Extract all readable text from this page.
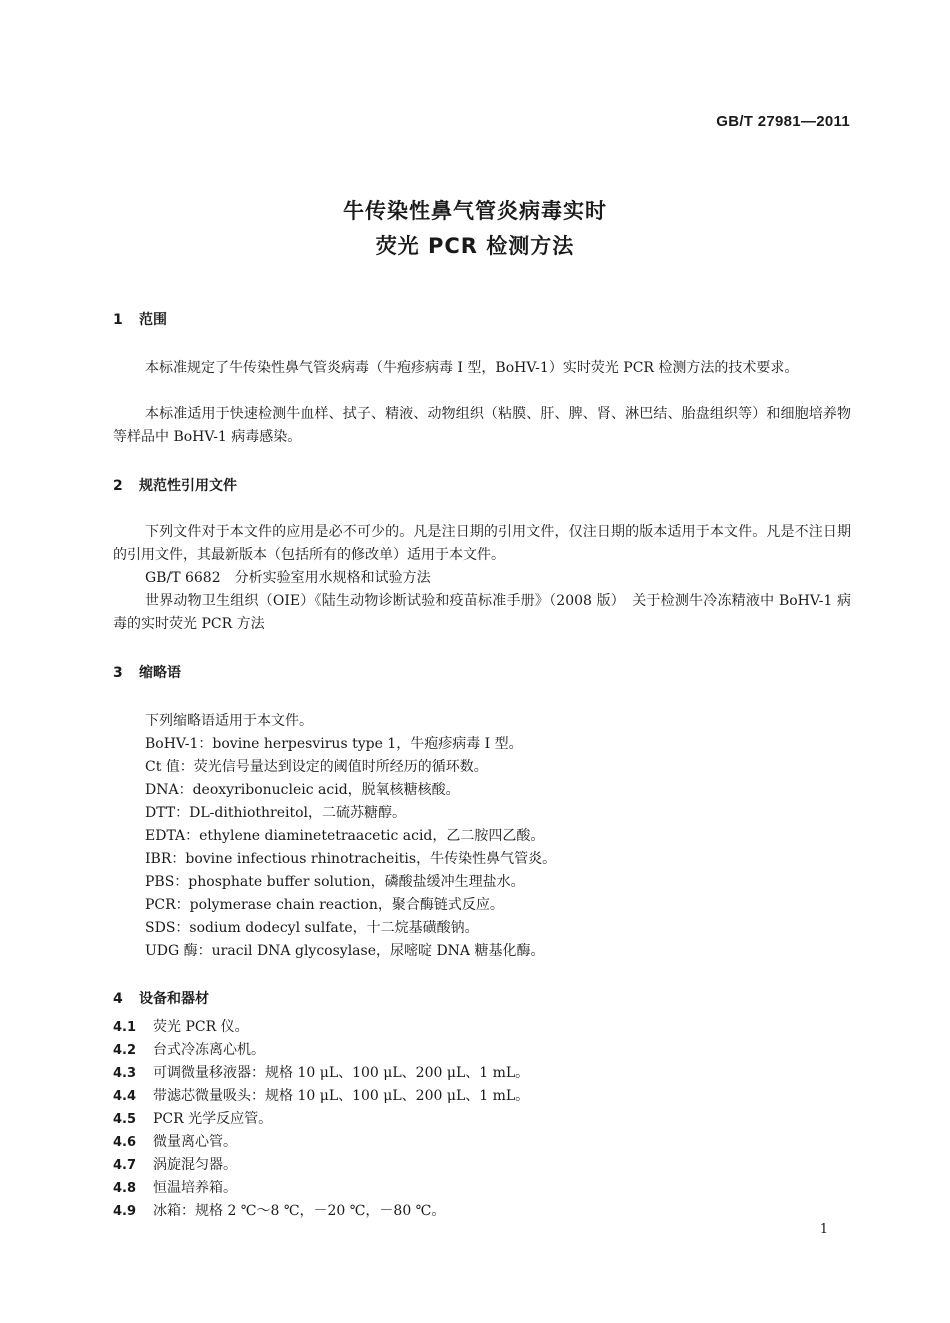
GB/T 27981—2011
牛传染性鼻气管炎病毒实时
荧光 PCR 检测方法
1 范围
本标准规定了牛传染性鼻气管炎病毒（牛疱疹病毒 I 型，BoHV-1）实时荧光 PCR 检测方法的技术要求。
本标准适用于快速检测牛血样、拭子、精液、动物组织（粘膜、肝、脾、肾、淋巴结、胎盘组织等）和细胞培养物等样品中 BoHV-1 病毒感染。
2 规范性引用文件
下列文件对于本文件的应用是必不可少的。凡是注日期的引用文件，仅注日期的版本适用于本文件。凡是不注日期的引用文件，其最新版本（包括所有的修改单）适用于本文件。
GB/T 6682　分析实验室用水规格和试验方法
世界动物卫生组织（OIE）《陆生动物诊断试验和疫苗标准手册》（2008 版）　关于检测牛冷冻精液中 BoHV-1 病毒的实时荧光 PCR 方法
3 缩略语
下列缩略语适用于本文件。
BoHV-1：bovine herpesvirus type 1，牛疱疹病毒 I 型。
Ct 值：荧光信号量达到设定的阈值时所经历的循环数。
DNA：deoxyribonucleic acid，脱氧核糖核酸。
DTT：DL-dithiothreitol，二硫苏糖醇。
EDTA：ethylene diaminetetraacetic acid，乙二胺四乙酸。
IBR：bovine infectious rhinotracheitis，牛传染性鼻气管炎。
PBS：phosphate buffer solution，磷酸盐缓冲生理盐水。
PCR：polymerase chain reaction，聚合酶链式反应。
SDS：sodium dodecyl sulfate，十二烷基磺酸钠。
UDG 酶：uracil DNA glycosylase，尿嘧啶 DNA 糖基化酶。
4 设备和器材
4.1 荧光 PCR 仪。
4.2 台式冷冻离心机。
4.3 可调微量移液器：规格 10 μL、100 μL、200 μL、1 mL。
4.4 带滤芯微量吸头：规格 10 μL、100 μL、200 μL、1 mL。
4.5 PCR 光学反应管。
4.6 微量离心管。
4.7 涡旋混匀器。
4.8 恒温培养箱。
4.9 冰箱：规格 2 ℃～8 ℃，－20 ℃，－80 ℃。
1
